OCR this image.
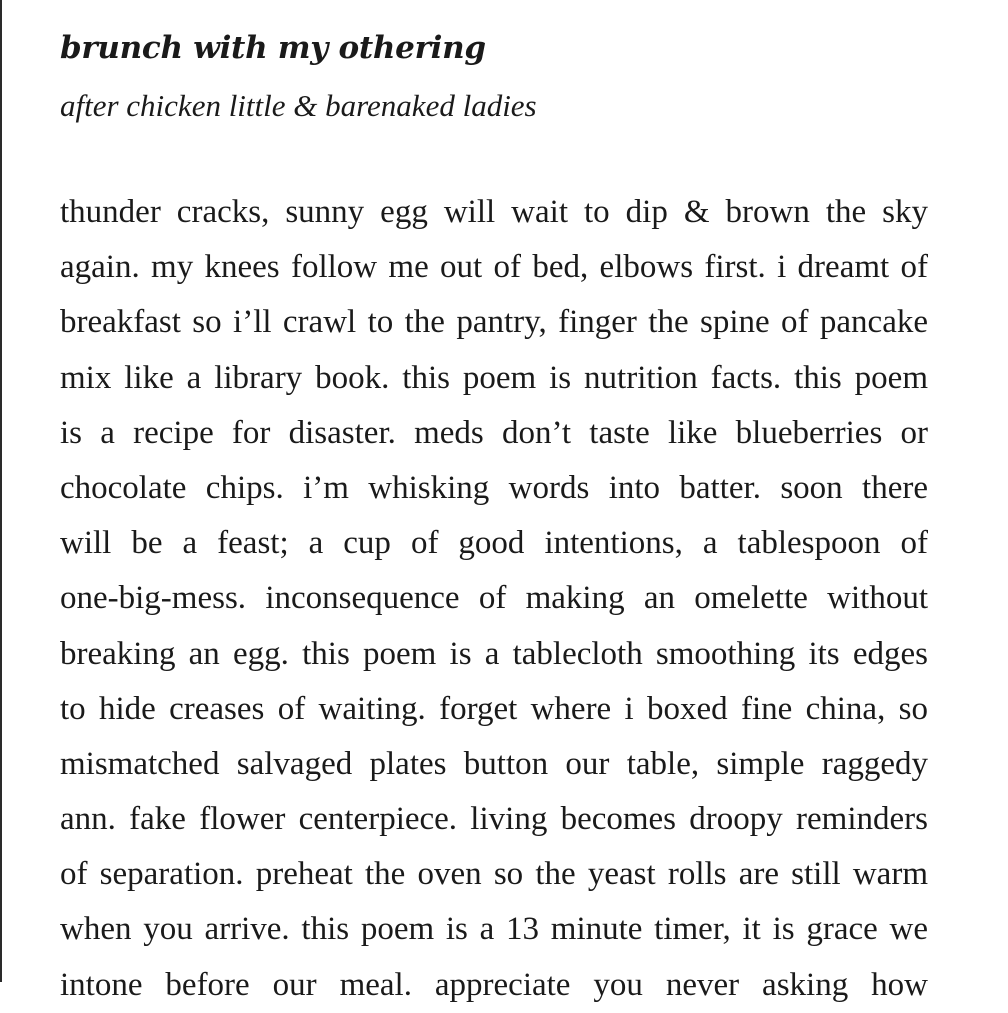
brunch with my othering

after chicken little & barenaked ladies

thunder cracks, sunny egg will wait to dip & brown the sky
again. my knees follow me out of bed, elbows first. i dreamt of
breakfast so i’ll crawl to the pantry, finger the spine of pancake
mix like a library book. this poem is nutrition facts. this poem
is a recipe for disaster. meds don’t taste like blueberries or
chocolate chips. i’m whisking words into batter. soon there
will be a feast; a cup of good intentions, a tablespoon of
one-big-mess. inconsequence of making an omelette without
breaking an egg. this poem is a tablecloth smoothing its edges
to hide creases of waiting. forget where i boxed fine china, so
mismatched salvaged plates button our table, simple raggedy
ann. fake flower centerpiece. living becomes droopy reminders
of separation. preheat the oven so the yeast rolls are still warm
when you arrive. this poem is a 13 minute timer, it is grace we
intone before our meal. appreciate you never asking how
